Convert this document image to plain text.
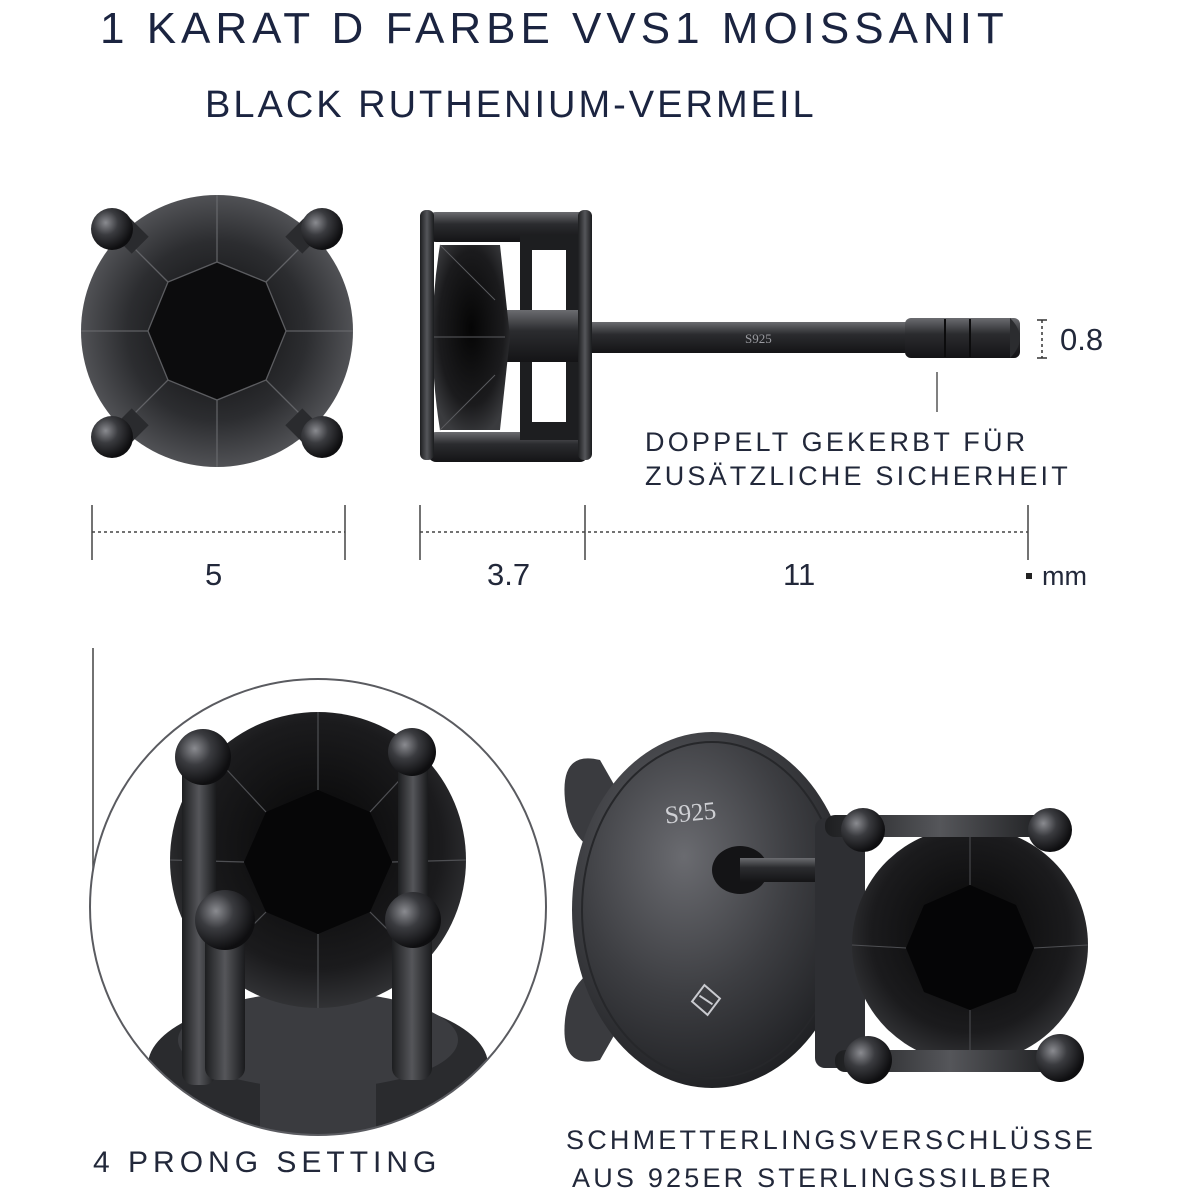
1 KARAT D FARBE VVS1 MOISSANIT
BLACK RUTHENIUM-VERMEIL
S925
S925
0.8
DOPPELT GEKERBT FÜR
ZUSÄTZLICHE SICHERHEIT
5	3.7	11	mm
4 PRONG SETTING
SCHMETTERLINGSVERSCHLÜSSE
AUS 925ER STERLINGSSILBER
